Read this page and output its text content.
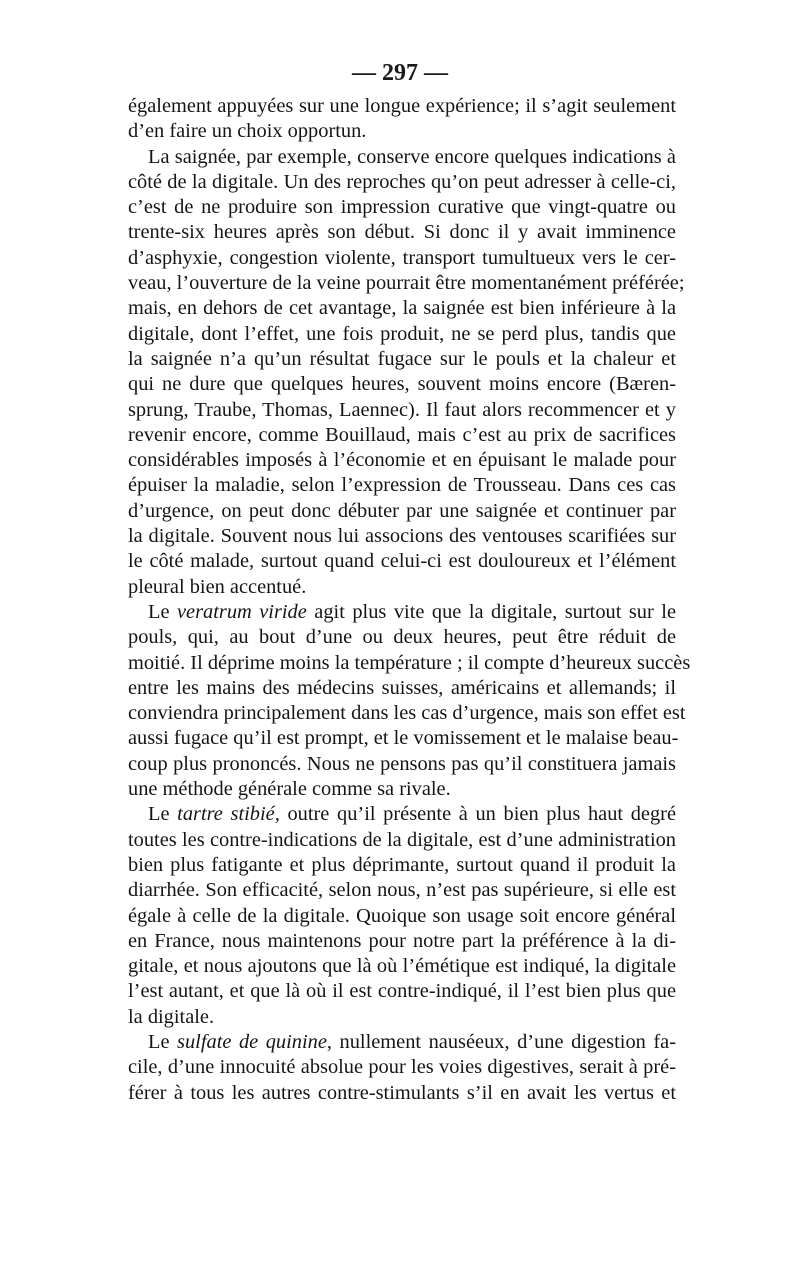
— 297 —
également appuyées sur une longue expérience; il s’agit seulement
d’en faire un choix opportun.
La saignée, par exemple, conserve encore quelques indications à
côté de la digitale. Un des reproches qu’on peut adresser à celle-ci,
c’est de ne produire son impression curative que vingt-quatre ou
trente-six heures après son début. Si donc il y avait imminence
d’asphyxie, congestion violente, transport tumultueux vers le cer-
veau, l’ouverture de la veine pourrait être momentanément préférée;
mais, en dehors de cet avantage, la saignée est bien inférieure à la
digitale, dont l’effet, une fois produit, ne se perd plus, tandis que
la saignée n’a qu’un résultat fugace sur le pouls et la chaleur et
qui ne dure que quelques heures, souvent moins encore (Bæren-
sprung, Traube, Thomas, Laennec). Il faut alors recommencer et y
revenir encore, comme Bouillaud, mais c’est au prix de sacrifices
considérables imposés à l’économie et en épuisant le malade pour
épuiser la maladie, selon l’expression de Trousseau. Dans ces cas
d’urgence, on peut donc débuter par une saignée et continuer par
la digitale. Souvent nous lui associons des ventouses scarifiées sur
le côté malade, surtout quand celui-ci est douloureux et l’élément
pleural bien accentué.
Le veratrum viride agit plus vite que la digitale, surtout sur le
pouls, qui, au bout d’une ou deux heures, peut être réduit de
moitié. Il déprime moins la température ; il compte d’heureux succès
entre les mains des médecins suisses, américains et allemands; il
conviendra principalement dans les cas d’urgence, mais son effet est
aussi fugace qu’il est prompt, et le vomissement et le malaise beau-
coup plus prononcés. Nous ne pensons pas qu’il constituera jamais
une méthode générale comme sa rivale.
Le tartre stibié, outre qu’il présente à un bien plus haut degré
toutes les contre-indications de la digitale, est d’une administration
bien plus fatigante et plus déprimante, surtout quand il produit la
diarrhée. Son efficacité, selon nous, n’est pas supérieure, si elle est
égale à celle de la digitale. Quoique son usage soit encore général
en France, nous maintenons pour notre part la préférence à la di-
gitale, et nous ajoutons que là où l’émétique est indiqué, la digitale
l’est autant, et que là où il est contre-indiqué, il l’est bien plus que
la digitale.
Le sulfate de quinine, nullement nauséeux, d’une digestion fa-
cile, d’une innocuité absolue pour les voies digestives, serait à pré-
férer à tous les autres contre-stimulants s’il en avait les vertus et
